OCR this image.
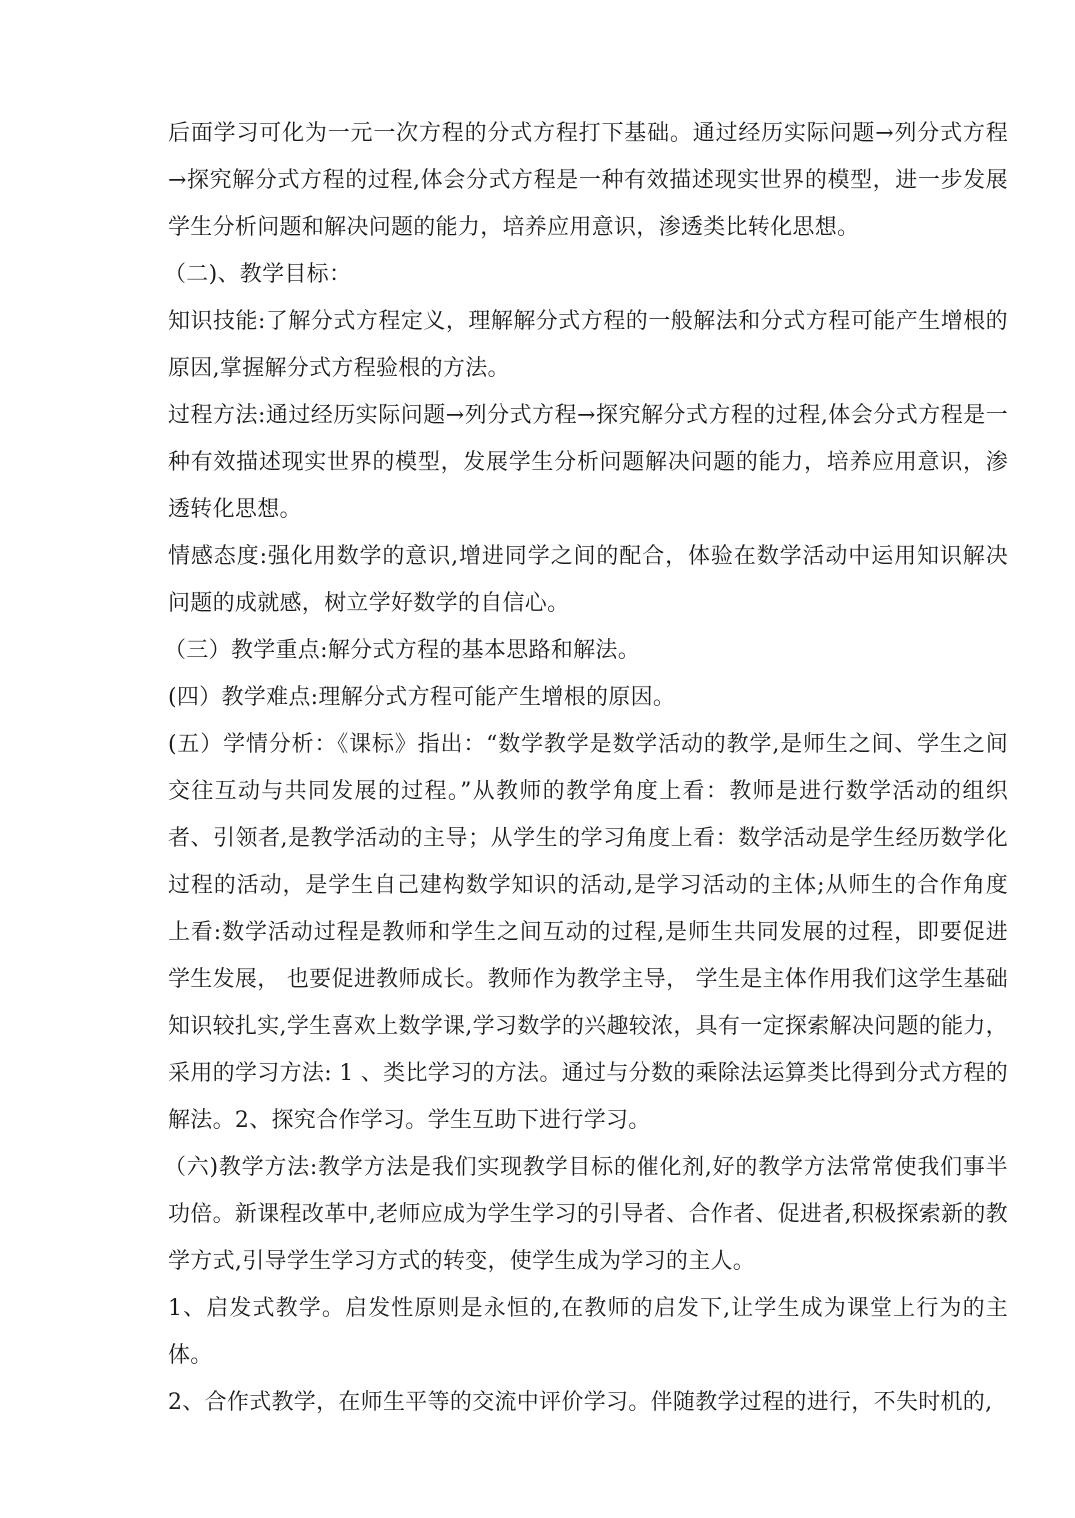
后面学习可化为一元一次方程的分式方程打下基础。通过经历实际问题→列分式方程→探究解分式方程的过程,体会分式方程是一种有效描述现实世界的模型，进一步发展学生分析问题和解决问题的能力，培养应用意识，渗透类比转化思想。

（二)、教学目标：

知识技能:了解分式方程定义，理解解分式方程的一般解法和分式方程可能产生增根的原因,掌握解分式方程验根的方法。

过程方法:通过经历实际问题→列分式方程→探究解分式方程的过程,体会分式方程是一种有效描述现实世界的模型，发展学生分析问题解决问题的能力，培养应用意识，渗透转化思想。

情感态度:强化用数学的意识,增进同学之间的配合，体验在数学活动中运用知识解决问题的成就感，树立学好数学的自信心。

（三）教学重点:解分式方程的基本思路和解法。

(四）教学难点:理解分式方程可能产生增根的原因。

(五）学情分析：《课标》指出：“数学教学是数学活动的教学,是师生之间、学生之间交往互动与共同发展的过程。”从教师的教学角度上看：教师是进行数学活动的组织者、引领者,是教学活动的主导；从学生的学习角度上看：数学活动是学生经历数学化过程的活动，是学生自己建构数学知识的活动,是学习活动的主体;从师生的合作角度上看:数学活动过程是教师和学生之间互动的过程,是师生共同发展的过程，即要促进学生发展， 也要促进教师成长。教师作为教学主导， 学生是主体作用我们这学生基础知识较扎实,学生喜欢上数学课,学习数学的兴趣较浓，具有一定探索解决问题的能力，采用的学习方法: 1 、类比学习的方法。通过与分数的乘除法运算类比得到分式方程的解法。2、探究合作学习。学生互助下进行学习。

（六)教学方法:教学方法是我们实现教学目标的催化剂,好的教学方法常常使我们事半功倍。新课程改革中,老师应成为学生学习的引导者、合作者、促进者,积极探索新的教学方式,引导学生学习方式的转变，使学生成为学习的主人。

1、启发式教学。启发性原则是永恒的,在教师的启发下,让学生成为课堂上行为的主体。

2、合作式教学，在师生平等的交流中评价学习。伴随教学过程的进行，不失时机的,
